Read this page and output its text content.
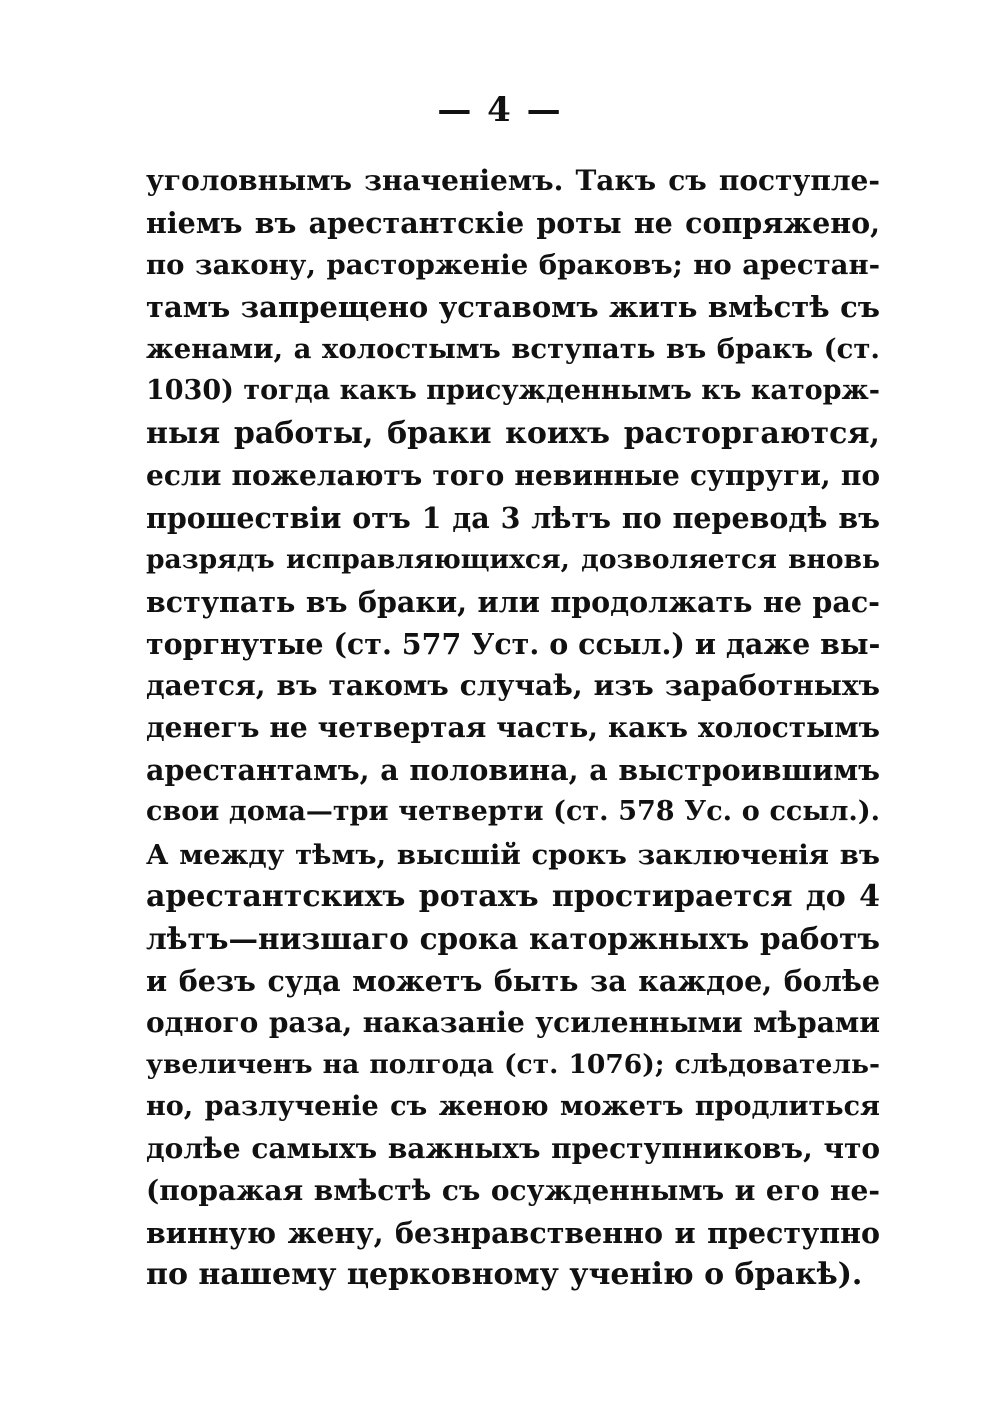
— 4 —
уголовнымъ значенiемъ. Такъ съ поступле-
нiемъ въ арестантскiе роты не сопряжено,
по закону, расторженiе браковъ; но арестан-
тамъ запрещено уставомъ жить вмѣстѣ съ
женами, а холостымъ вступать въ бракъ (ст.
1030) тогда какъ присужденнымъ къ каторж-
ныя работы, браки коихъ расторгаются,
если пожелаютъ того невинные супруги, по
прошествiи отъ 1 да 3 лѣтъ по переводѣ въ
разрядъ исправляющихся, дозволяется вновь
вступать въ браки, или продолжать не рас-
торгнутые (ст. 577 Уст. о ссыл.) и даже вы-
дается, въ такомъ случаѣ, изъ заработныхъ
денегъ не четвертая часть, какъ холостымъ
арестантамъ, а половина, а выстроившимъ
свои дома—три четверти (ст. 578 Ус. о ссыл.).
А между тѣмъ, высшiй срокъ заключенiя въ
арестантскихъ ротахъ простирается до 4
лѣтъ—низшаго срока каторжныхъ работъ
и безъ суда можетъ быть за каждое, болѣе
одного раза, наказанiе усиленными мѣрами
увеличенъ на полгода (ст. 1076); слѣдователь-
но, разлученiе съ женою можетъ продлиться
долѣе самыхъ важныхъ преступниковъ, что
(поражая вмѣстѣ съ осужденнымъ и его не-
винную жену, безнравственно и преступно
по нашему церковному ученiю о бракѣ).
